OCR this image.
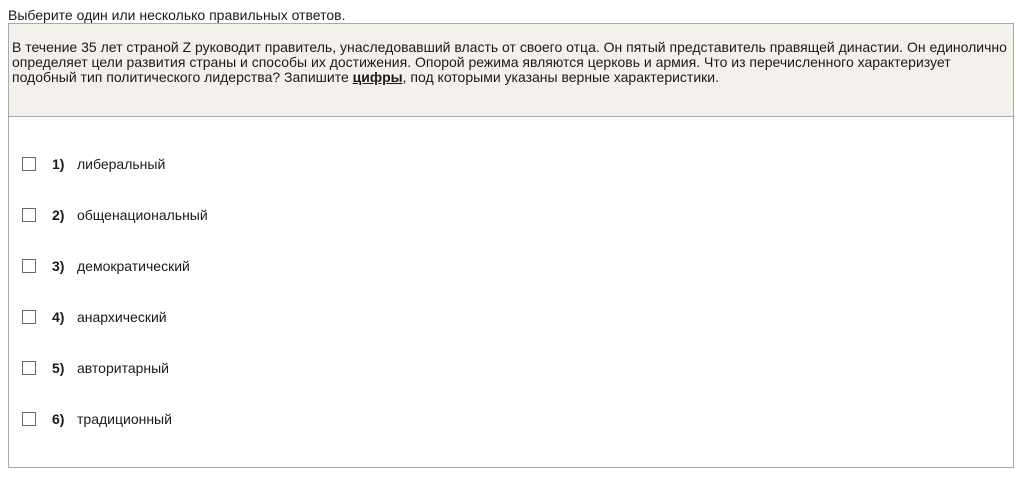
Выберите один или несколько правильных ответов.
В течение 35 лет страной Z руководит правитель, унаследовавший власть от своего отца. Он пятый представитель правящей династии. Он единолично определяет цели развития страны и способы их достижения. Опорой режима являются церковь и армия. Что из перечисленного характеризует подобный тип политического лидерства? Запишите цифры, под которыми указаны верные характеристики.
1) либеральный
2) общенациональный
3) демократический
4) анархический
5) авторитарный
6) традиционный
